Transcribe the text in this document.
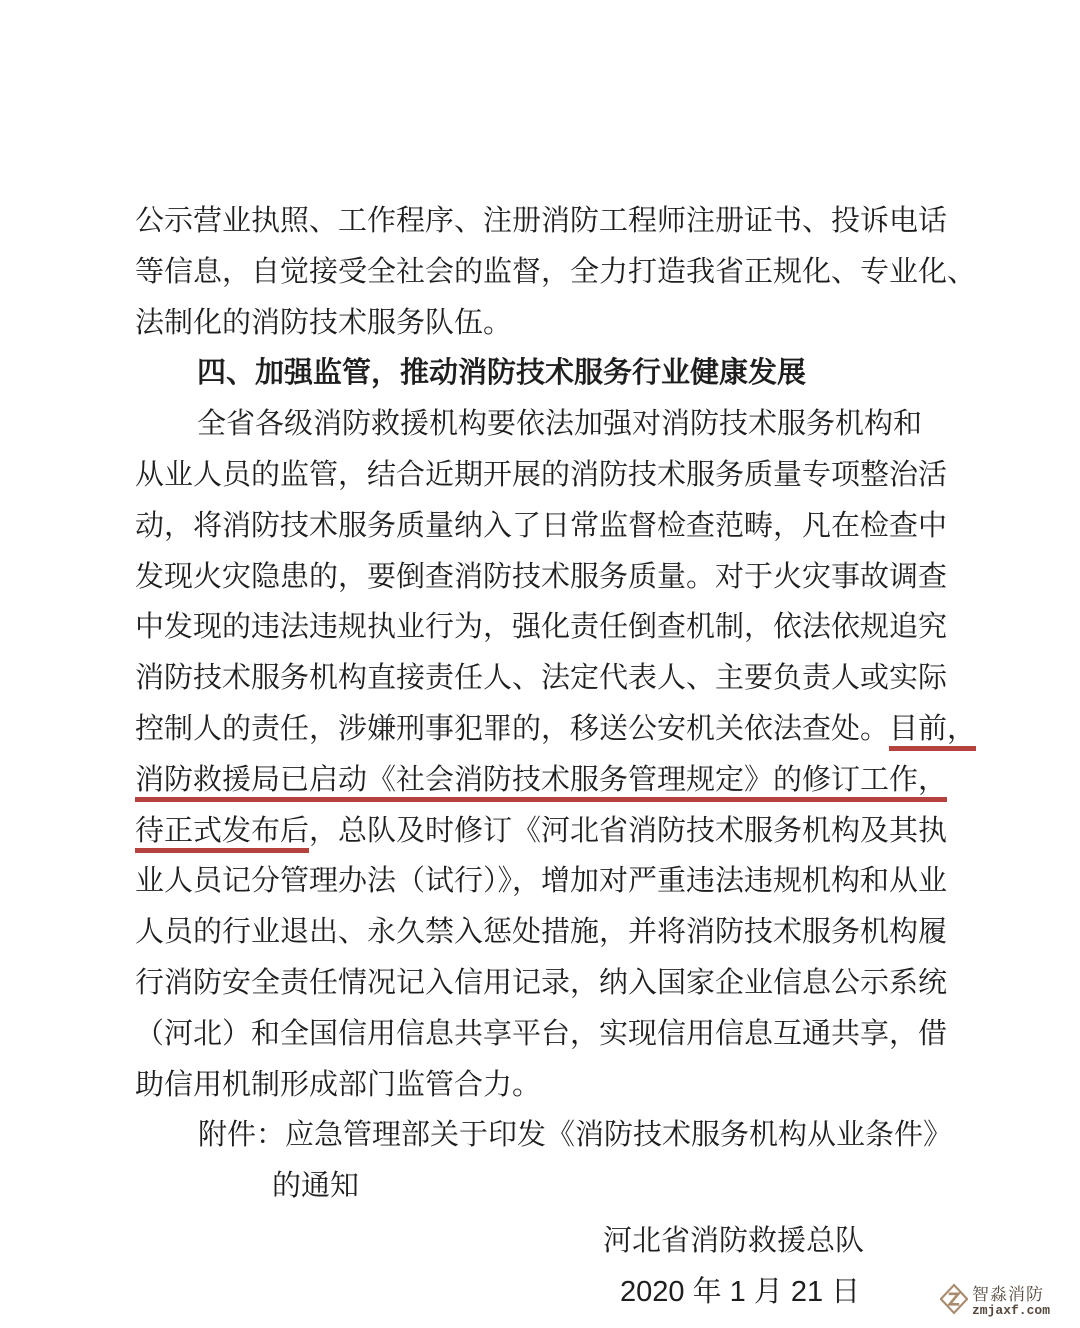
公示营业执照、工作程序、注册消防工程师注册证书、投诉电话
等信息，自觉接受全社会的监督，全力打造我省正规化、专业化、
法制化的消防技术服务队伍。
四、加强监管，推动消防技术服务行业健康发展
全省各级消防救援机构要依法加强对消防技术服务机构和
从业人员的监管，结合近期开展的消防技术服务质量专项整治活
动，将消防技术服务质量纳入了日常监督检查范畴，凡在检查中
发现火灾隐患的，要倒查消防技术服务质量。对于火灾事故调查
中发现的违法违规执业行为，强化责任倒查机制，依法依规追究
消防技术服务机构直接责任人、法定代表人、主要负责人或实际
控制人的责任，涉嫌刑事犯罪的，移送公安机关依法查处。目前，
消防救援局已启动《社会消防技术服务管理规定》的修订工作，
待正式发布后，总队及时修订《河北省消防技术服务机构及其执
业人员记分管理办法（试行）》，增加对严重违法违规机构和从业
人员的行业退出、永久禁入惩处措施，并将消防技术服务机构履
行消防安全责任情况记入信用记录，纳入国家企业信息公示系统
（河北）和全国信用信息共享平台，实现信用信息互通共享，借
助信用机制形成部门监管合力。
附件：应急管理部关于印发《消防技术服务机构从业条件》
的通知
河北省消防救援总队
2020 年 1 月 21 日	智淼消防
zmjaxf.com
